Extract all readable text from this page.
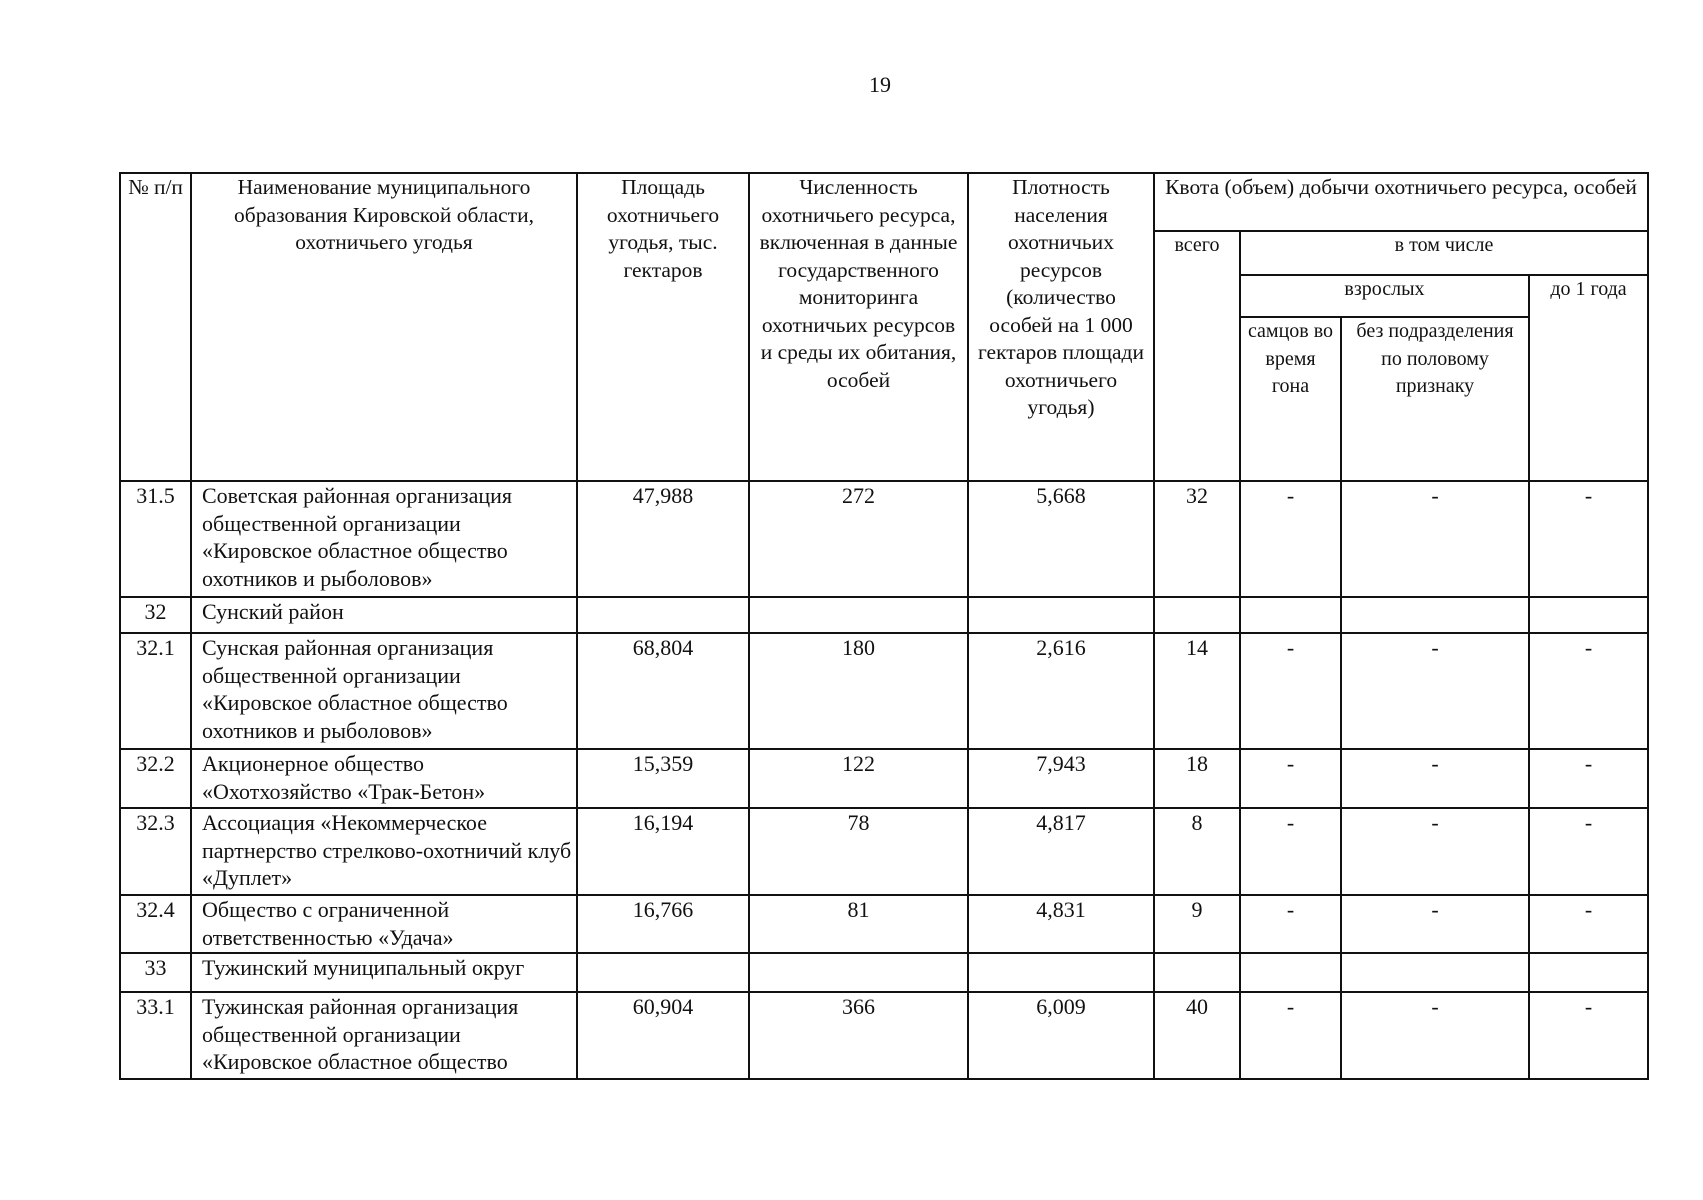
19
№ п/п	Наименование муниципального образования Кировской области, охотничьего угодья	Площадь охотничьего угодья, тыс. гектаров	Численность охотничьего ресурса, включенная в данные государственного мониторинга охотничьих ресурсов и среды их обитания, особей	Плотность населения охотничьих ресурсов (количество особей на 1 000 гектаров площади охотничьего угодья)	Квота (объем) добычи охотничьего ресурса, особей			
					всего	в том числе		
						взрослых		до 1 года
						самцов во время гона	без подразделения по половому признаку	
31.5	Советская районная организация общественной организации «Кировское областное общество охотников и рыболовов»	47,988	272	5,668	32	-	-	-
32	Сунский район							
32.1	Сунская районная организация общественной организации «Кировское областное общество охотников и рыболовов»	68,804	180	2,616	14	-	-	-
32.2	Акционерное общество «Охотхозяйство «Трак-Бетон»	15,359	122	7,943	18	-	-	-
32.3	Ассоциация «Некоммерческое партнерство стрелково-охотничий клуб «Дуплет»	16,194	78	4,817	8	-	-	-
32.4	Общество с ограниченной ответственностью «Удача»	16,766	81	4,831	9	-	-	-
33	Тужинский муниципальный округ							
33.1	Тужинская районная организация общественной организации «Кировское областное общество	60,904	366	6,009	40	-	-	-
